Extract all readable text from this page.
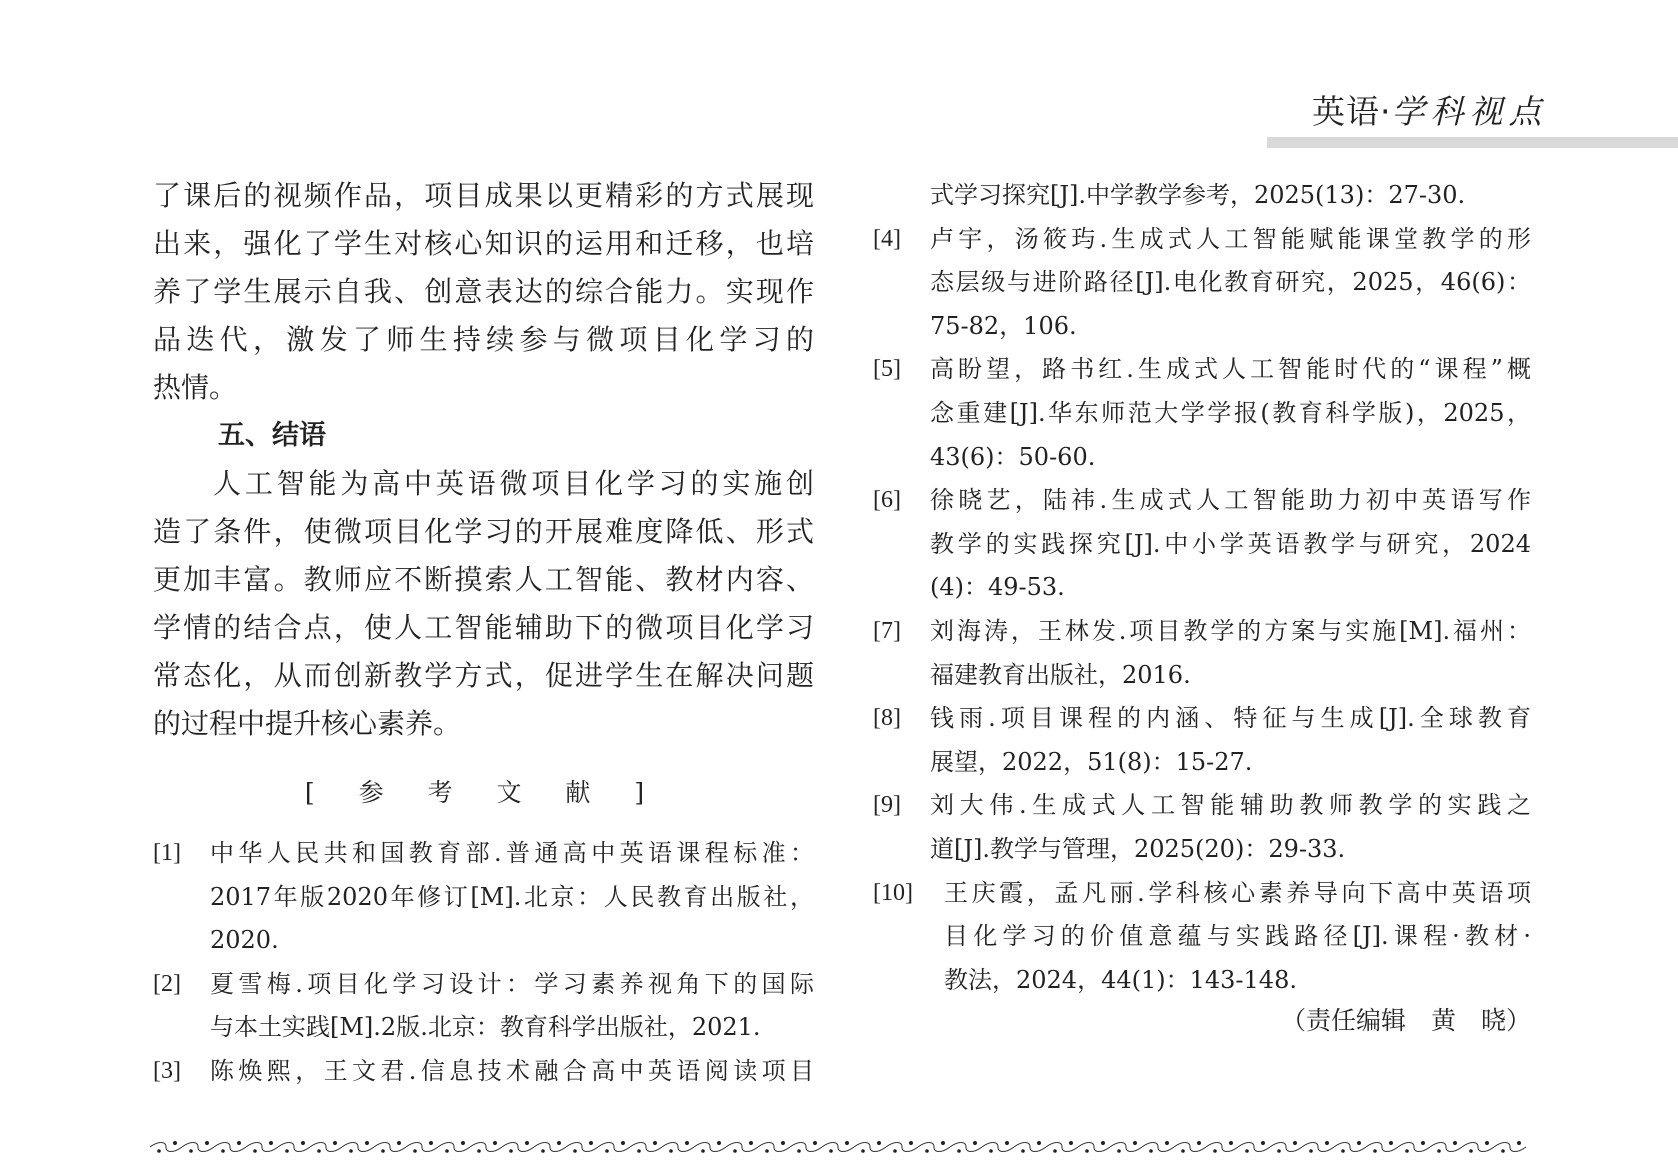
英语·学科视点
了课后的视频作品，项目成果以更精彩的方式展现
出来，强化了学生对核心知识的运用和迁移，也培
养了学生展示自我、创意表达的综合能力。实现作
品迭代，激发了师生持续参与微项目化学习的
热情。
五、结语
人工智能为高中英语微项目化学习的实施创
造了条件，使微项目化学习的开展难度降低、形式
更加丰富。教师应不断摸索人工智能、教材内容、
学情的结合点，使人工智能辅助下的微项目化学习
常态化，从而创新教学方式，促进学生在解决问题
的过程中提升核心素养。
[ 参 考 文 献 ]
[1]	中华人民共和国教育部.普通高中英语课程标准：
2017年版2020年修订[M].北京：人民教育出版社，
2020.
[2]	夏雪梅.项目化学习设计：学习素养视角下的国际
与本土实践[M].2版.北京：教育科学出版社，2021.
[3]	陈焕熙，王文君.信息技术融合高中英语阅读项目
式学习探究[J].中学教学参考，2025(13)：27-30.
[4]	卢宇，汤筱玙.生成式人工智能赋能课堂教学的形
态层级与进阶路径[J].电化教育研究，2025，46(6)：
75-82，106.
[5]	高盼望，路书红.生成式人工智能时代的“课程”概
念重建[J].华东师范大学学报(教育科学版)，2025，
43(6)：50-60.
[6]	徐晓艺，陆祎.生成式人工智能助力初中英语写作
教学的实践探究[J].中小学英语教学与研究，2024
(4)：49-53.
[7]	刘海涛，王林发.项目教学的方案与实施[M].福州：
福建教育出版社，2016.
[8]	钱雨.项目课程的内涵、特征与生成[J].全球教育
展望，2022，51(8)：15-27.
[9]	刘大伟.生成式人工智能辅助教师教学的实践之
道[J].教学与管理，2025(20)：29-33.
[10]	王庆霞，孟凡丽.学科核心素养导向下高中英语项
目化学习的价值意蕴与实践路径[J].课程·教材·
教法，2024，44(1)：143-148.
（责任编辑　黄　晓）
